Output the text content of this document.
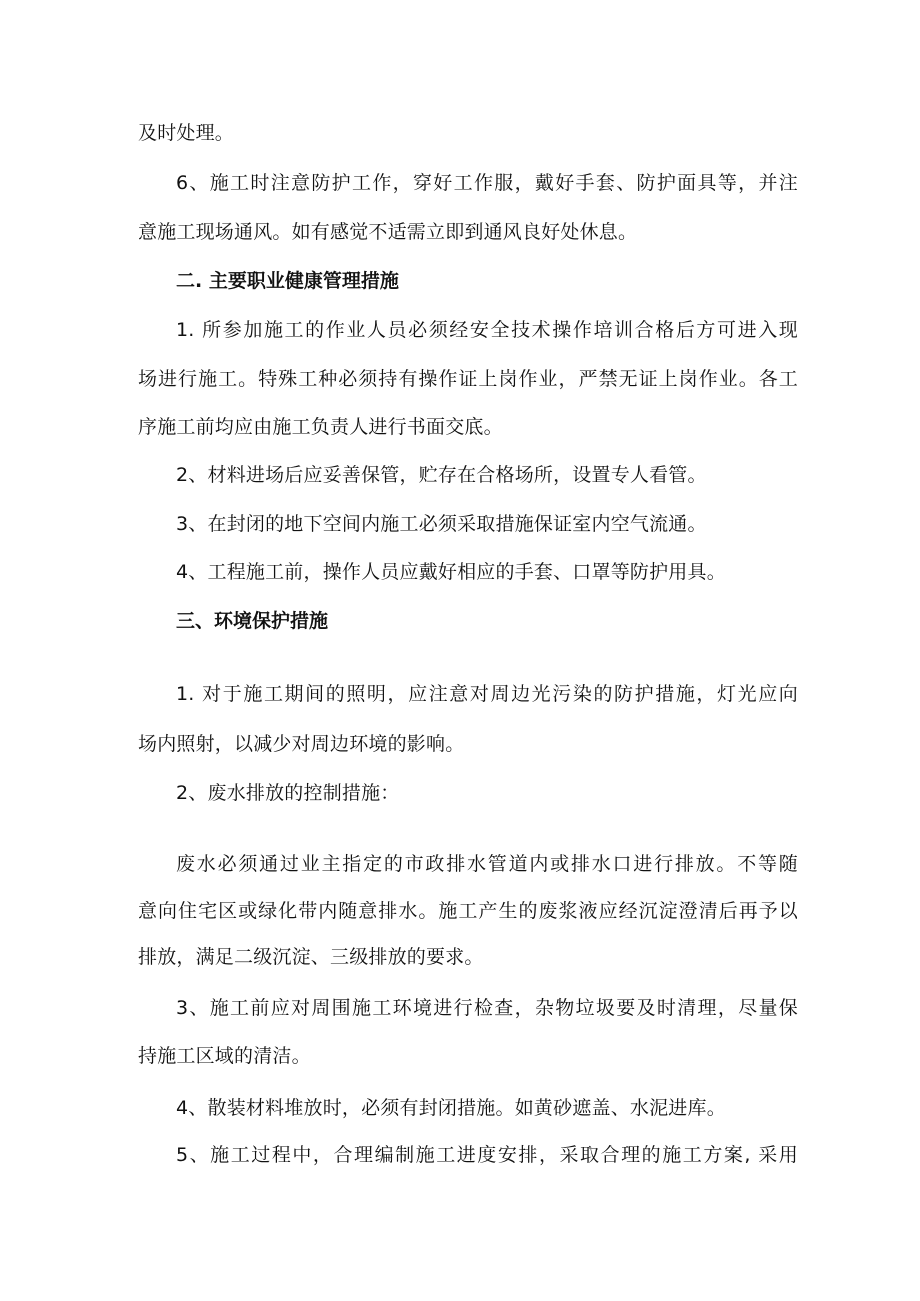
及时处理。
6、施工时注意防护工作，穿好工作服，戴好手套、防护面具等，并注
意施工现场通风。如有感觉不适需立即到通风良好处休息。
二. 主要职业健康管理措施
1. 所参加施工的作业人员必须经安全技术操作培训合格后方可进入现
场进行施工。特殊工种必须持有操作证上岗作业，严禁无证上岗作业。各工
序施工前均应由施工负责人进行书面交底。
2、材料进场后应妥善保管，贮存在合格场所，设置专人看管。
3、在封闭的地下空间内施工必须采取措施保证室内空气流通。
4、工程施工前，操作人员应戴好相应的手套、口罩等防护用具。
三、环境保护措施
1. 对于施工期间的照明，应注意对周边光污染的防护措施，灯光应向
场内照射，以减少对周边环境的影响。
2、废水排放的控制措施：
废水必须通过业主指定的市政排水管道内或排水口进行排放。不等随
意向住宅区或绿化带内随意排水。施工产生的废浆液应经沉淀澄清后再予以
排放，满足二级沉淀、三级排放的要求。
3、施工前应对周围施工环境进行检查，杂物垃圾要及时清理，尽量保
持施工区域的清洁。
4、散装材料堆放时，必须有封闭措施。如黄砂遮盖、水泥进库。
5、施工过程中，合理编制施工进度安排，采取合理的施工方案, 采用
